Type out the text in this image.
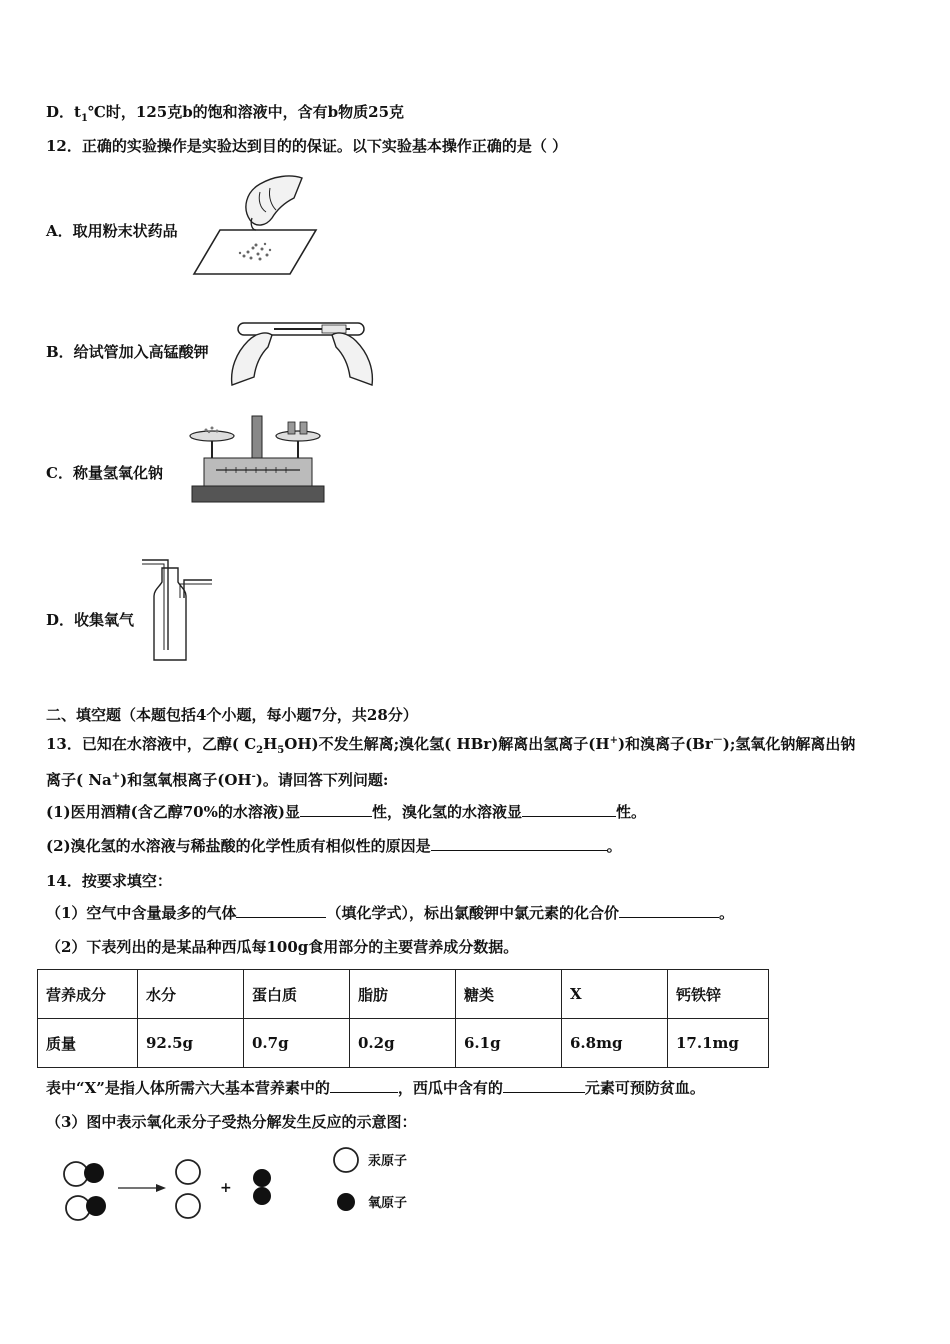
D．$t_1℃$时，125克b的饱和溶液中，含有b物质25克
12．正确的实验操作是实验达到目的的保证。以下实验基本操作正确的是（ ）
A．取用粉末状药品
B．给试管加入高锰酸钾
C．称量氢氧化钠
D．收集氧气
二、填空题（本题包括4个小题，每小题7分，共28分）
13．已知在水溶液中，乙醇( $C_2H_5OH$)不发生解离;溴化氢( HBr)解离出氢离子(H+)和溴离子(Br－);氢氧化钠解离出钠
离子( Na+)和氢氧根离子(OH-)。请回答下列问题:
(1)医用酒精(含乙醇70%的水溶液)显	性，溴化氢的水溶液显	性。
(2)溴化氢的水溶液与稀盐酸的化学性质有相似性的原因是	。
14．按要求填空：
（1）空气中含量最多的气体	（填化学式），标出氯酸钾中氯元素的化合价	。
（2）下表列出的是某品种西瓜每100g食用部分的主要营养成分数据。
营养成分	水分	蛋白质	脂肪	糖类	X	钙铁锌
质量	92.5g	0.7g	0.2g	6.1g	6.8mg	17.1mg
表中“X”是指人体所需六大基本营养素中的	，西瓜中含有的	元素可预防贫血。
（3）图中表示氧化汞分子受热分解发生反应的示意图：
+
汞原子
氧原子
